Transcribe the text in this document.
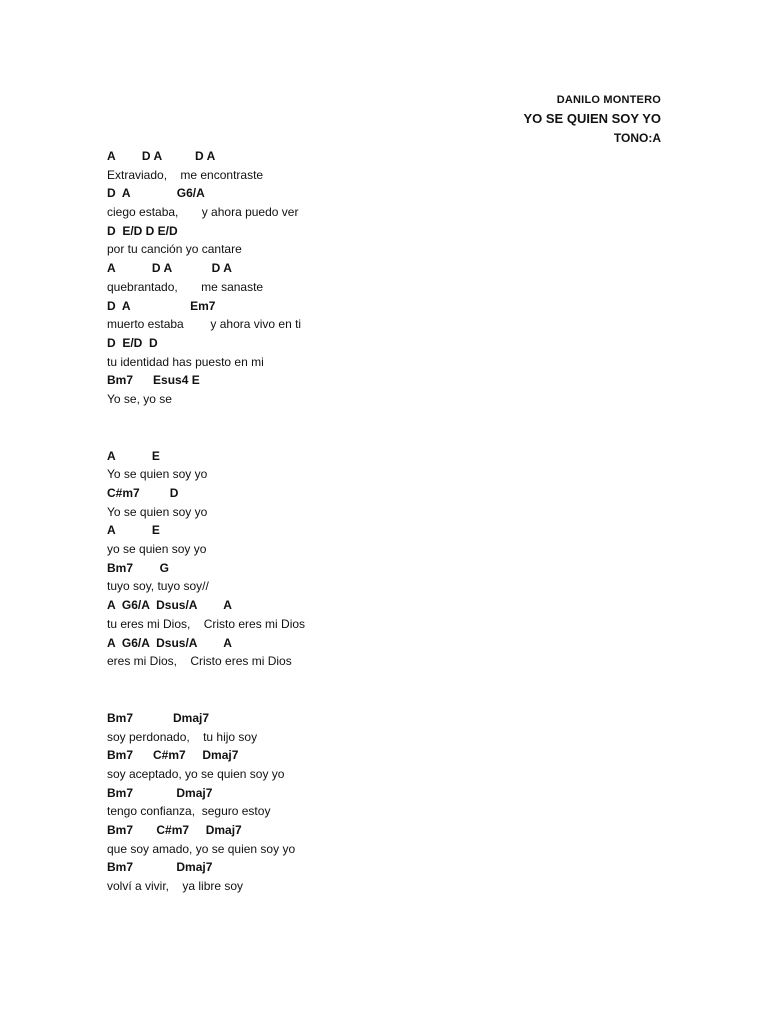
DANILO MONTERO
YO SE QUIEN SOY YO
TONO:A
A        D A          D A
Extraviado,    me encontraste
D  A              G6/A
ciego estaba,       y ahora puedo ver
D  E/D D E/D
por tu canción yo cantare
A           D A            D A
quebrantado,       me sanaste
D  A                  Em7
muerto estaba        y ahora vivo en ti
D  E/D  D
tu identidad has puesto en mi
Bm7      Esus4 E
Yo se, yo se
A           E
Yo se quien soy yo
C#m7         D
Yo se quien soy yo
A           E
yo se quien soy yo
Bm7        G
tuyo soy, tuyo soy//
A  G6/A  Dsus/A        A
tu eres mi Dios,    Cristo eres mi Dios
A  G6/A  Dsus/A        A
eres mi Dios,    Cristo eres mi Dios
Bm7            Dmaj7
soy perdonado,    tu hijo soy
Bm7      C#m7     Dmaj7
soy aceptado, yo se quien soy yo
Bm7             Dmaj7
tengo confianza,  seguro estoy
Bm7       C#m7     Dmaj7
que soy amado, yo se quien soy yo
Bm7             Dmaj7
volví a vivir,    ya libre soy
